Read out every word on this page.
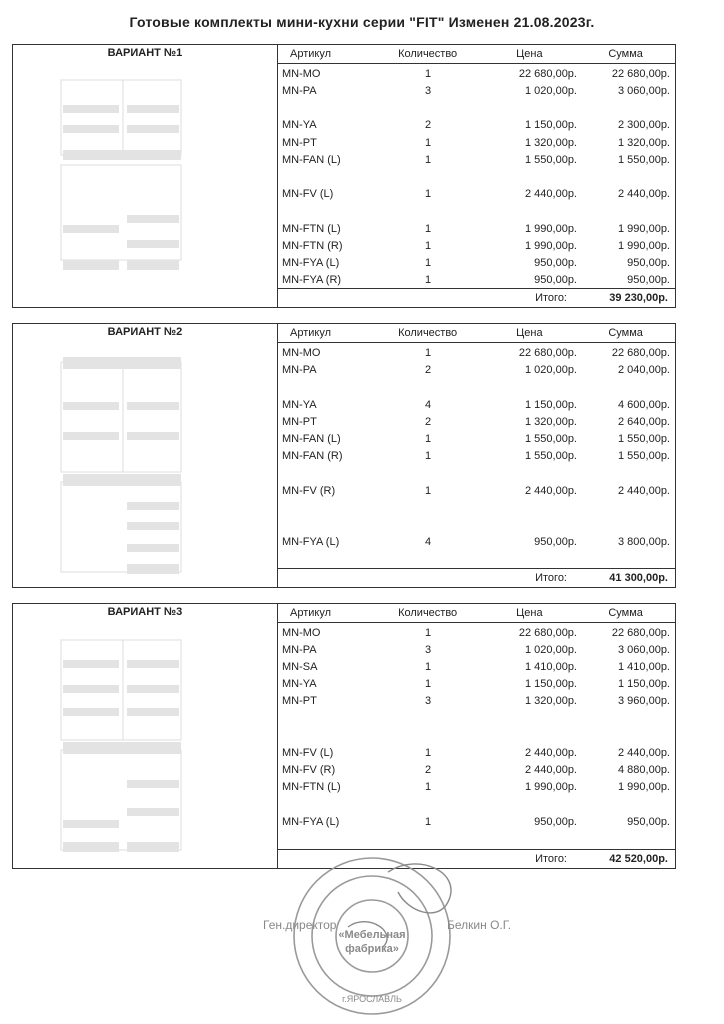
Готовые комплекты мини-кухни серии "FIT" Изменен 21.08.2023г.
ВАРИАНТ №1	Артикул	Количество	Цена	Сумма
MN-MO	1	22 680,00р.	22 680,00р.
MN-PA	3	1 020,00р.	3 060,00р.
MN-YA	2	1 150,00р.	2 300,00р.
MN-PT	1	1 320,00р.	1 320,00р.
MN-FAN (L)	1	1 550,00р.	1 550,00р.
MN-FV (L)	1	2 440,00р.	2 440,00р.
MN-FTN (L)	1	1 990,00р.	1 990,00р.
MN-FTN (R)	1	1 990,00р.	1 990,00р.
MN-FYA (L)	1	950,00р.	950,00р.
MN-FYA (R)	1	950,00р.	950,00р.
Итого:	39 230,00р.
ВАРИАНТ №2	Артикул	Количество	Цена	Сумма
MN-MO	1	22 680,00р.	22 680,00р.
MN-PA	2	1 020,00р.	2 040,00р.
MN-YA	4	1 150,00р.	4 600,00р.
MN-PT	2	1 320,00р.	2 640,00р.
MN-FAN (L)	1	1 550,00р.	1 550,00р.
MN-FAN (R)	1	1 550,00р.	1 550,00р.
MN-FV (R)	1	2 440,00р.	2 440,00р.
MN-FYA (L)	4	950,00р.	3 800,00р.
Итого:	41 300,00р.
ВАРИАНТ №3	Артикул	Количество	Цена	Сумма
MN-MO	1	22 680,00р.	22 680,00р.
MN-PA	3	1 020,00р.	3 060,00р.
MN-SA	1	1 410,00р.	1 410,00р.
MN-YA	1	1 150,00р.	1 150,00р.
MN-PT	3	1 320,00р.	3 960,00р.
MN-FV (L)	1	2 440,00р.	2 440,00р.
MN-FV (R)	2	2 440,00р.	4 880,00р.
MN-FTN (L)	1	1 990,00р.	1 990,00р.
MN-FYA (L)	1	950,00р.	950,00р.
Итого:	42 520,00р.
«Мебельная
фабрика»
г.ЯРОСЛАВЛЬ
Ген.директор	Белкин О.Г.
